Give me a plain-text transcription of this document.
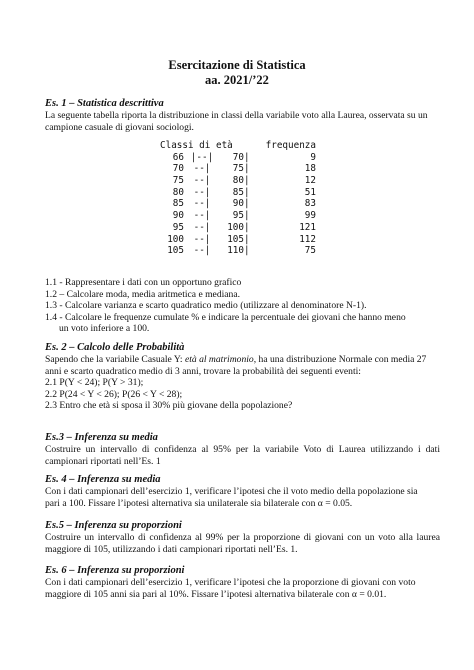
Esercitazione di Statistica
aa. 2021/’22
Es. 1 – Statistica descrittiva
La seguente tabella riporta la distribuzione in classi della variabile voto alla Laurea, osservata su un campione casuale di giovani sociologi.
Classi di età	frequenza
66 |--|	70 |	9
70	--|	75 |	18
75	--|	80 |	12
80	--|	85 |	51
85	--|	90 |	83
90	--|	95 |	99
95	--|	100 |	121
100	--|	105 |	112
105	--|	110 |	75
1.1 - Rappresentare i dati con un opportuno grafico
1.2 – Calcolare moda, media aritmetica e mediana.
1.3 - Calcolare varianza e scarto quadratico medio (utilizzare al denominatore N-1).
1.4 - Calcolare le frequenze cumulate % e indicare la percentuale dei giovani che hanno meno
un voto inferiore a 100.
Es. 2 – Calcolo delle Probabilità
Sapendo che la variabile Casuale Y: età al matrimonio, ha una distribuzione Normale con media 27 anni e scarto quadratico medio di 3 anni, trovare la probabilità dei seguenti eventi:
2.1 P(Y < 24); P(Y > 31);
2.2 P(24 < Y < 26); P(26 < Y < 28);
2.3 Entro che età si sposa il 30% più giovane della popolazione?
Es.3 – Inferenza su media
Costruire un intervallo di confidenza al 95% per la variabile Voto di Laurea utilizzando i dati campionari riportati nell’Es. 1
Es. 4 – Inferenza su media
Con i dati campionari dell’esercizio 1, verificare l’ipotesi che il voto medio della popolazione sia
pari a 100. Fissare l’ipotesi alternativa sia unilaterale sia bilaterale con α = 0.05.
Es.5 – Inferenza su proporzioni
Costruire un intervallo di confidenza al 99% per la proporzione di giovani con un voto alla laurea maggiore di 105, utilizzando i dati campionari riportati nell’Es. 1.
Es. 6 – Inferenza su proporzioni
Con i dati campionari dell’esercizio 1, verificare l’ipotesi che la proporzione di giovani con voto
maggiore di 105 anni sia pari al 10%. Fissare l’ipotesi alternativa bilaterale con α = 0.01.
